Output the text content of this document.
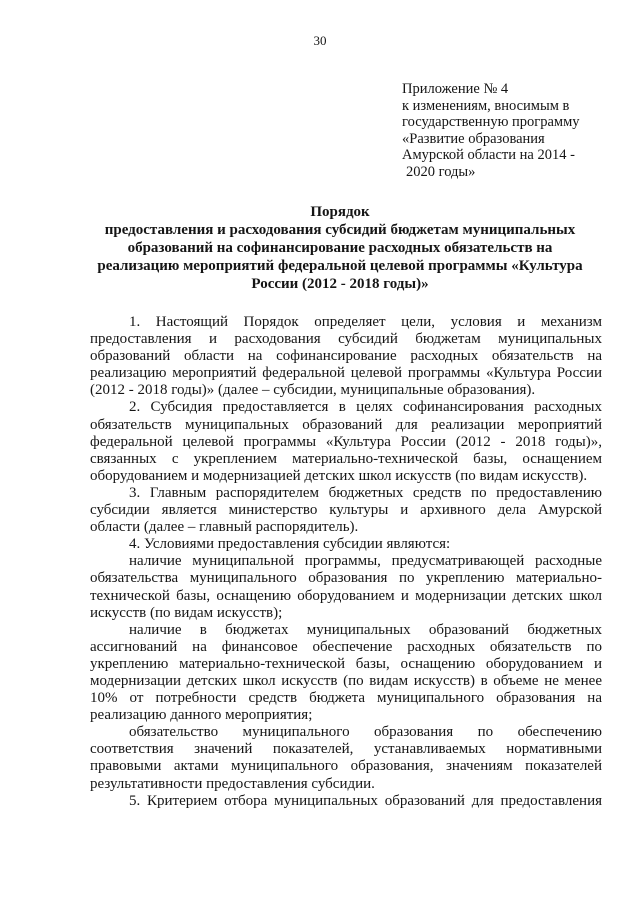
30
Приложение № 4
к изменениям, вносимым в
государственную программу
«Развитие образования
Амурской области на 2014 -
2020 годы»
Порядок
предоставления и расходования субсидий бюджетам муниципальных
образований на софинансирование расходных обязательств на
реализацию мероприятий федеральной целевой программы «Культура
России (2012 - 2018 годы)»
1. Настоящий Порядок определяет цели, условия и механизм
предоставления и расходования субсидий бюджетам муниципальных
образований области на софинансирование расходных обязательств на
реализацию мероприятий федеральной целевой программы «Культура России
(2012 - 2018 годы)» (далее – субсидии, муниципальные образования).
2. Субсидия предоставляется в целях софинансирования расходных
обязательств муниципальных образований для реализации мероприятий
федеральной целевой программы «Культура России (2012 - 2018 годы)»,
связанных с укреплением материально-технической базы, оснащением
оборудованием и модернизацией детских школ искусств (по видам искусств).
3. Главным распорядителем бюджетных средств по предоставлению
субсидии является министерство культуры и архивного дела Амурской
области (далее – главный распорядитель).
4. Условиями предоставления субсидии являются:
наличие муниципальной программы, предусматривающей расходные
обязательства муниципального образования по укреплению материально-
технической базы, оснащению оборудованием и модернизации детских школ
искусств (по видам искусств);
наличие в бюджетах муниципальных образований бюджетных
ассигнований на финансовое обеспечение расходных обязательств по
укреплению материально-технической базы, оснащению оборудованием и
модернизации детских школ искусств (по видам искусств) в объеме не менее
10% от потребности средств бюджета муниципального образования на
реализацию данного мероприятия;
обязательство муниципального образования по обеспечению
соответствия значений показателей, устанавливаемых нормативными
правовыми актами муниципального образования, значениям показателей
результативности предоставления субсидии.
5. Критерием отбора муниципальных образований для предоставления
